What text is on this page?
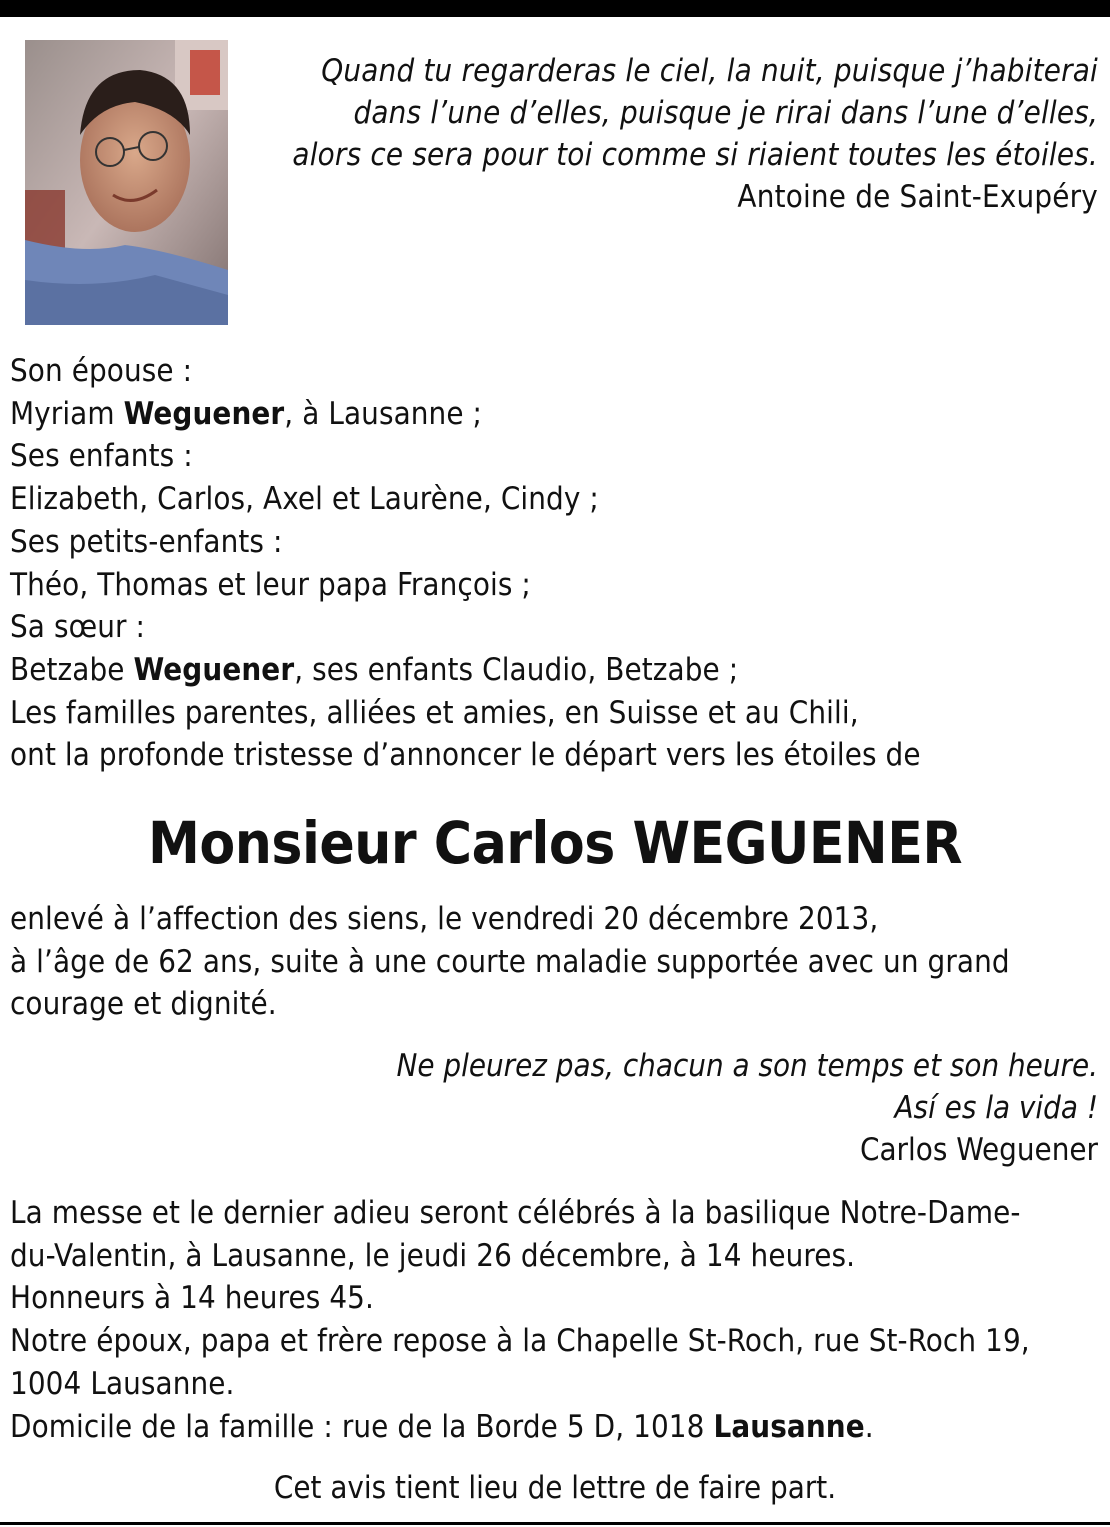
Quand tu regarderas le ciel, la nuit, puisque j’habiterai
dans l’une d’elles, puisque je rirai dans l’une d’elles,
alors ce sera pour toi comme si riaient toutes les étoiles.
Antoine de Saint-Exupéry
Son épouse :
Myriam Weguener, à Lausanne ;
Ses enfants :
Elizabeth, Carlos, Axel et Laurène, Cindy ;
Ses petits-enfants :
Théo, Thomas et leur papa François ;
Sa sœur :
Betzabe Weguener, ses enfants Claudio, Betzabe ;
Les familles parentes, alliées et amies, en Suisse et au Chili,
ont la profonde tristesse d’annoncer le départ vers les étoiles de
Monsieur Carlos WEGUENER
enlevé à l’affection des siens, le vendredi 20 décembre 2013,
à l’âge de 62 ans, suite à une courte maladie supportée avec un grand
courage et dignité.
Ne pleurez pas, chacun a son temps et son heure.
Así es la vida !
Carlos Weguener
La messe et le dernier adieu seront célébrés à la basilique Notre-Dame-
du-Valentin, à Lausanne, le jeudi 26 décembre, à 14 heures.
Honneurs à 14 heures 45.
Notre époux, papa et frère repose à la Chapelle St-Roch, rue St-Roch 19,
1004 Lausanne.
Domicile de la famille : rue de la Borde 5 D, 1018 Lausanne.
Cet avis tient lieu de lettre de faire part.
